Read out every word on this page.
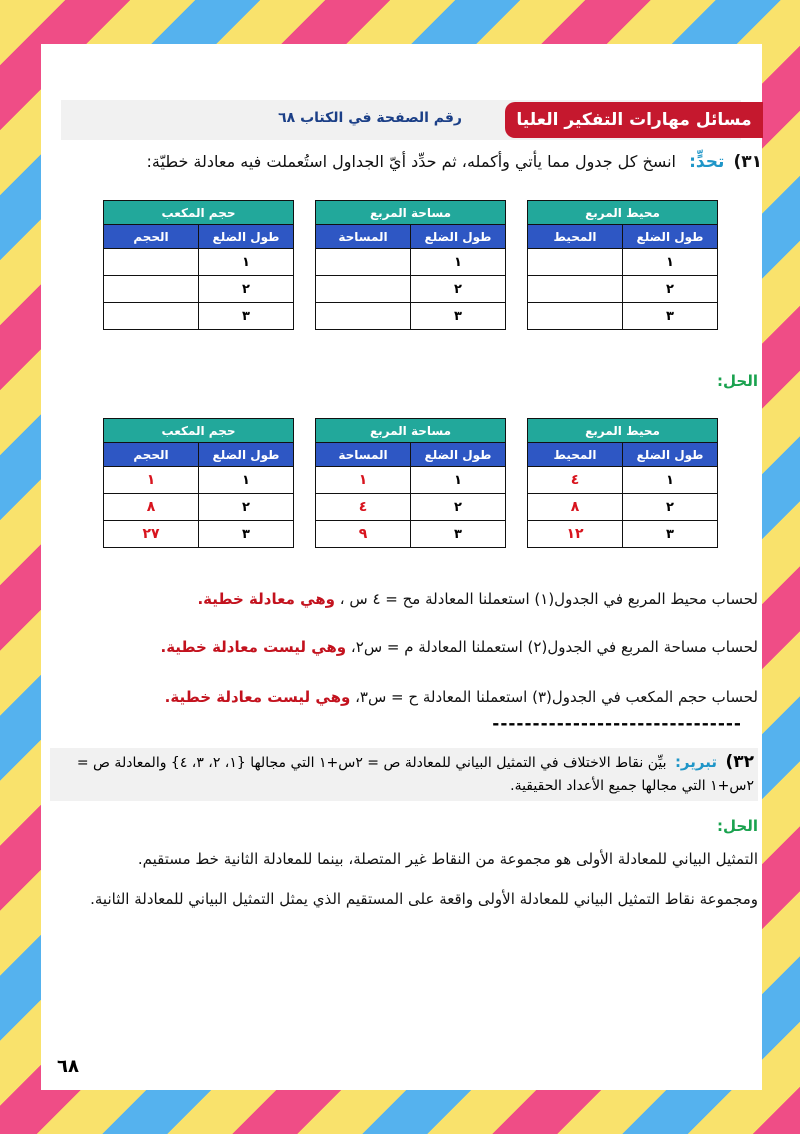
مسائل مهارات التفكير العليا
رقم الصفحة في الكتاب ٦٨
٣١) تحدٍّ: انسخ كل جدول مما يأتي وأكمله، ثم حدِّد أيّ الجداول استُعملت فيه معادلة خطيّة:
محيط المربع	
طول الضلع	المحيط
١	
٢	
٣	
مساحة المربع	
طول الضلع	المساحة
١	
٢	
٣	
حجم المكعب	
طول الضلع	الحجم
١	
٢	
٣	
الحل:
محيط المربع	
طول الضلع	المحيط
١	٤
٢	٨
٣	١٢
مساحة المربع	
طول الضلع	المساحة
١	١
٢	٤
٣	٩
حجم المكعب	
طول الضلع	الحجم
١	١
٢	٨
٣	٢٧
لحساب محيط المربع في الجدول(١) استعملنا المعادلة مح = ٤ س ، وهي معادلة خطية.
لحساب مساحة المربع في الجدول(٢) استعملنا المعادلة م = س٢، وهي ليست معادلة خطية.
لحساب حجم المكعب في الجدول(٣) استعملنا المعادلة ح = س٣، وهي ليست معادلة خطية.
-------------------------------
٣٢) تبرير: بيِّن نقاط الاختلاف في التمثيل البياني للمعادلة ص = ٢س+١ التي مجالها {١، ٢، ٣، ٤} والمعادلة ص = ٢س+١ التي مجالها جميع الأعداد الحقيقية.
الحل:
التمثيل البياني للمعادلة الأولى هو مجموعة من النقاط غير المتصلة، بينما للمعادلة الثانية خط مستقيم.
ومجموعة نقاط التمثيل البياني للمعادلة الأولى واقعة على المستقيم الذي يمثل التمثيل البياني للمعادلة الثانية.
٦٨
